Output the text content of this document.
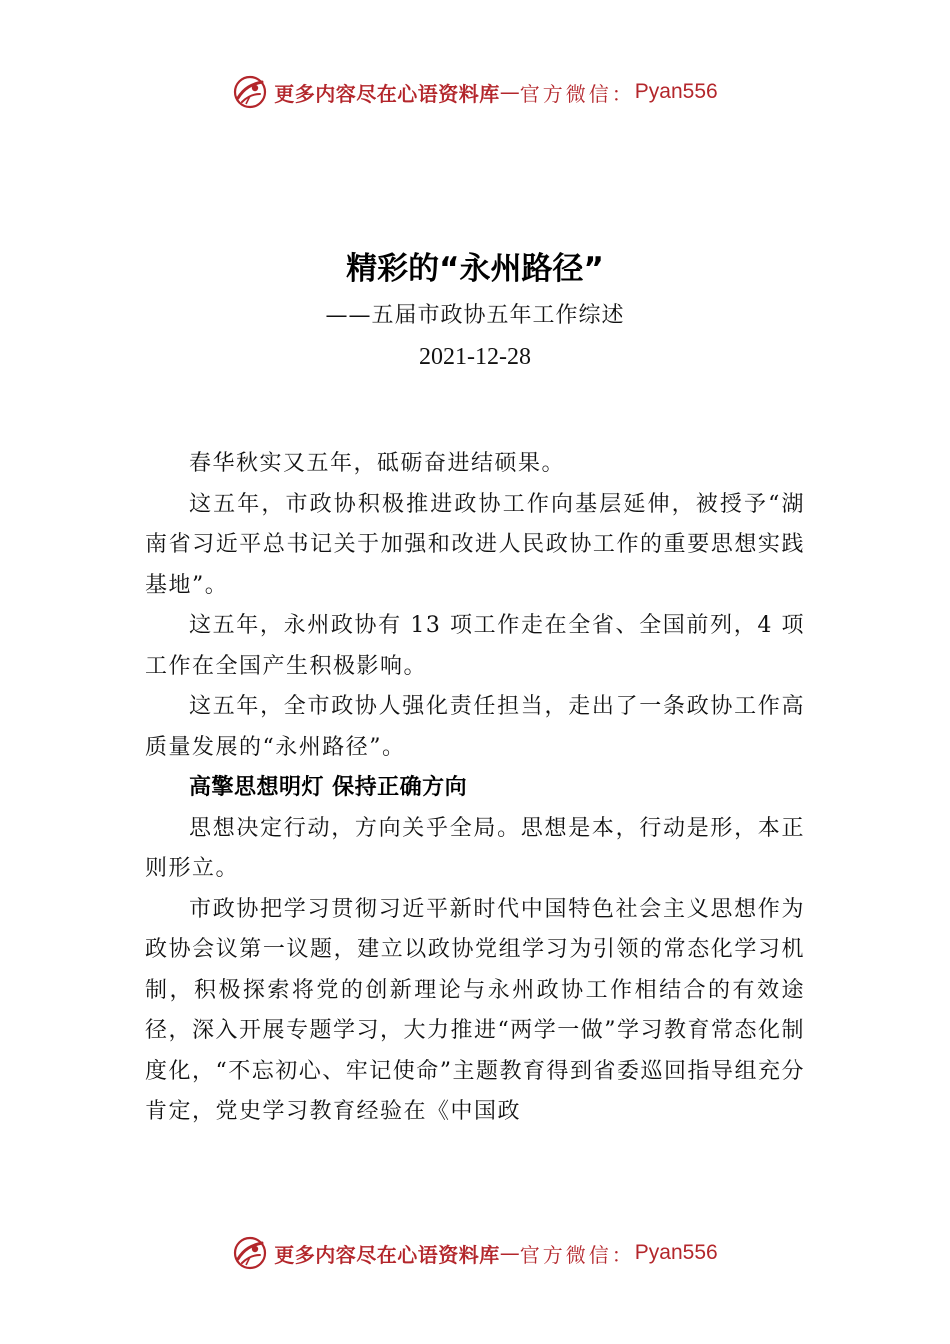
更多内容尽在心语资料库 — 官方微信： Pyan556
精彩的“永州路径”
——五届市政协五年工作综述
2021-12-28

春华秋实又五年，砥砺奋进结硕果。

这五年，市政协积极推进政协工作向基层延伸，被授予“湖南省习近平总书记关于加强和改进人民政协工作的重要思想实践基地”。

这五年，永州政协有 13 项工作走在全省、全国前列，4 项工作在全国产生积极影响。

这五年，全市政协人强化责任担当，走出了一条政协工作高质量发展的“永州路径”。

高擎思想明灯 保持正确方向

思想决定行动，方向关乎全局。思想是本，行动是形，本正则形立。

市政协把学习贯彻习近平新时代中国特色社会主义思想作为政协会议第一议题，建立以政协党组学习为引领的常态化学习机制，积极探索将党的创新理论与永州政协工作相结合的有效途径，深入开展专题学习，大力推进“两学一做”学习教育常态化制度化，“不忘初心、牢记使命”主题教育得到省委巡回指导组充分肯定，党史学习教育经验在《中国政

更多内容尽在心语资料库 — 官方微信： Pyan556
